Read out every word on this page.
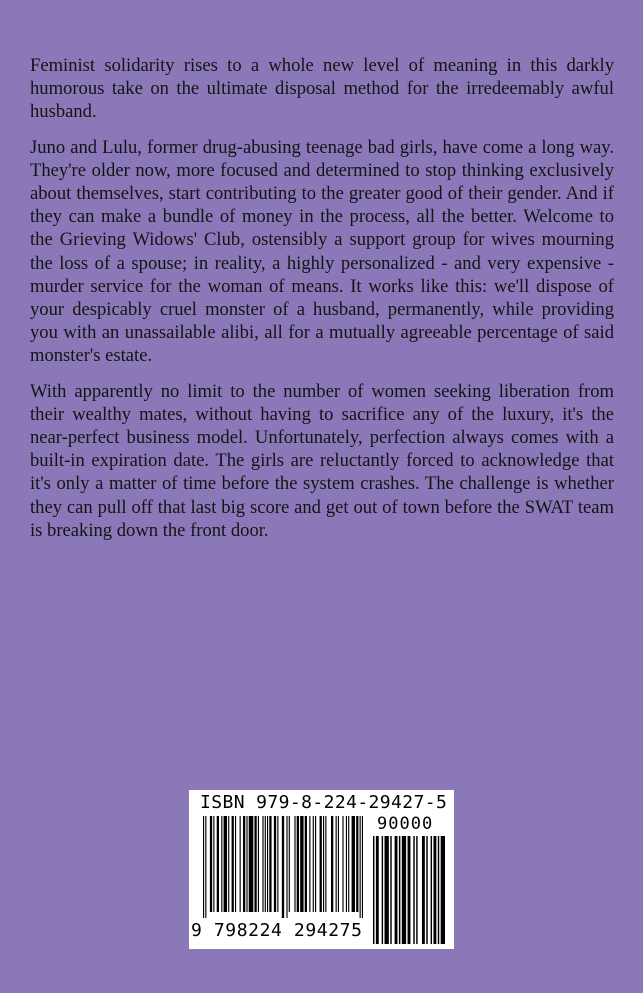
Feminist solidarity rises to a whole new level of meaning in this darkly humorous take on the ultimate disposal method for the irredeemably awful husband.

Juno and Lulu, former drug-abusing teenage bad girls, have come a long way. They're older now, more focused and determined to stop thinking exclusively about themselves, start contributing to the greater good of their gender. And if they can make a bundle of money in the process, all the better. Welcome to the Grieving Widows' Club, ostensibly a support group for wives mourning the loss of a spouse; in reality, a highly personalized - and very expensive - murder service for the woman of means. It works like this: we'll dispose of your despicably cruel monster of a husband, permanently, while providing you with an unassailable alibi, all for a mutually agreeable percentage of said monster's estate.

With apparently no limit to the number of women seeking liberation from their wealthy mates, without having to sacrifice any of the luxury, it's the near-perfect business model. Unfortunately, perfection always comes with a built-in expiration date. The girls are reluctantly forced to acknowledge that it's only a matter of time before the system crashes. The challenge is whether they can pull off that last big score and get out of town before the SWAT team is breaking down the front door.

ISBN 979-8-224-29427-5
90000
9 798224 294275
